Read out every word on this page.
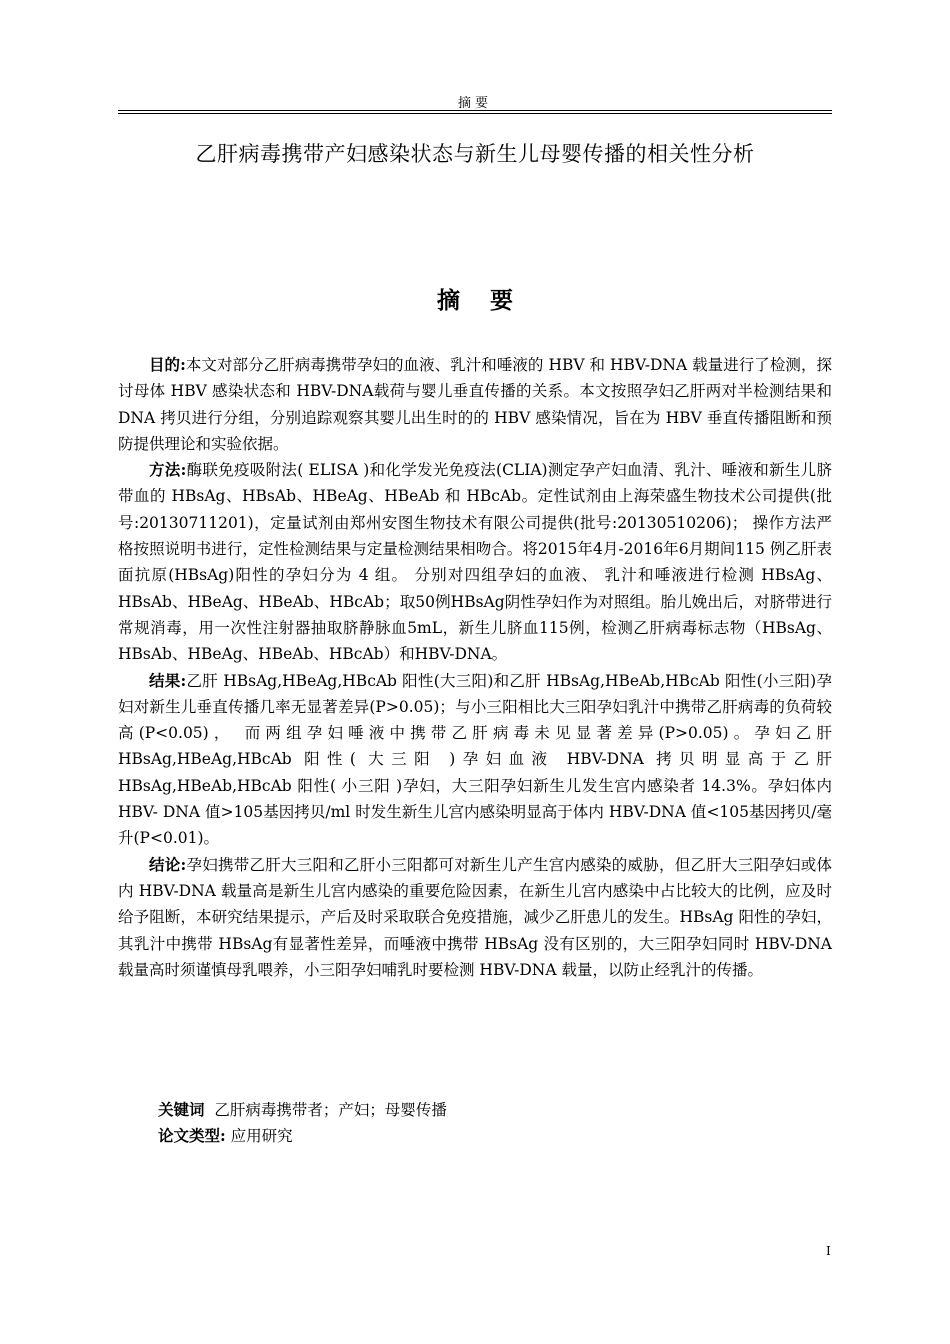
摘要
乙肝病毒携带产妇感染状态与新生儿母婴传播的相关性分析
摘要

目的:本文对部分乙肝病毒携带孕妇的血液、乳汁和唾液的 HBV 和 HBV-DNA 载量进行了检测，探讨母体 HBV 感染状态和 HBV-DNA载荷与婴儿垂直传播的关系。本文按照孕妇乙肝两对半检测结果和 DNA 拷贝进行分组，分别追踪观察其婴儿出生时的的 HBV 感染情况，旨在为 HBV 垂直传播阻断和预防提供理论和实验依据。

方法:酶联免疫吸附法( ELISA )和化学发光免疫法(CLIA)测定孕产妇血清、乳汁、唾液和新生儿脐带血的 HBsAg、HBsAb、HBeAg、HBeAb 和 HBcAb。定性试剂由上海荣盛生物技术公司提供(批号:20130711201)，定量试剂由郑州安图生物技术有限公司提供(批号:20130510206)； 操作方法严格按照说明书进行，定性检测结果与定量检测结果相吻合。将2015年4月-2016年6月期间115 例乙肝表面抗原(HBsAg)阳性的孕妇分为 4 组。 分别对四组孕妇的血液、 乳汁和唾液进行检测 HBsAg、HBsAb、HBeAg、HBeAb、HBcAb；取50例HBsAg阴性孕妇作为对照组。胎儿娩出后，对脐带进行常规消毒，用一次性注射器抽取脐静脉血5mL，新生儿脐血115例，检测乙肝病毒标志物（HBsAg、HBsAb、HBeAg、HBeAb、HBcAb）和HBV-DNA。

结果:乙肝 HBsAg,HBeAg,HBcAb 阳性(大三阳)和乙肝 HBsAg,HBeAb,HBcAb 阳性(小三阳)孕妇对新生儿垂直传播几率无显著差异(P>0.05)；与小三阳相比大三阳孕妇乳汁中携带乙肝病毒的负荷较高(P<0.05)， 而两组孕妇唾液中携带乙肝病毒未见显著差异(P>0.05)。孕妇乙肝 HBsAg,HBeAg,HBcAb 阳性( 大三阳 )孕妇血液 HBV-DNA 拷贝明显高于乙肝 HBsAg,HBeAb,HBcAb 阳性( 小三阳 )孕妇，大三阳孕妇新生儿发生宫内感染者 14.3%。孕妇体内 HBV- DNA 值>105基因拷贝/ml 时发生新生儿宫内感染明显高于体内 HBV-DNA 值<105基因拷贝/毫升(P<0.01)。

结论:孕妇携带乙肝大三阳和乙肝小三阳都可对新生儿产生宫内感染的威胁，但乙肝大三阳孕妇或体内 HBV-DNA 载量高是新生儿宫内感染的重要危险因素，在新生儿宫内感染中占比较大的比例，应及时给予阻断，本研究结果提示，产后及时采取联合免疫措施，减少乙肝患儿的发生。HBsAg 阳性的孕妇，其乳汁中携带 HBsAg有显著性差异，而唾液中携带 HBsAg 没有区别的，大三阳孕妇同时 HBV-DNA 载量高时须谨慎母乳喂养，小三阳孕妇哺乳时要检测 HBV-DNA 载量，以防止经乳汁的传播。

关键词 乙肝病毒携带者；产妇；母婴传播
论文类型: 应用研究
I
